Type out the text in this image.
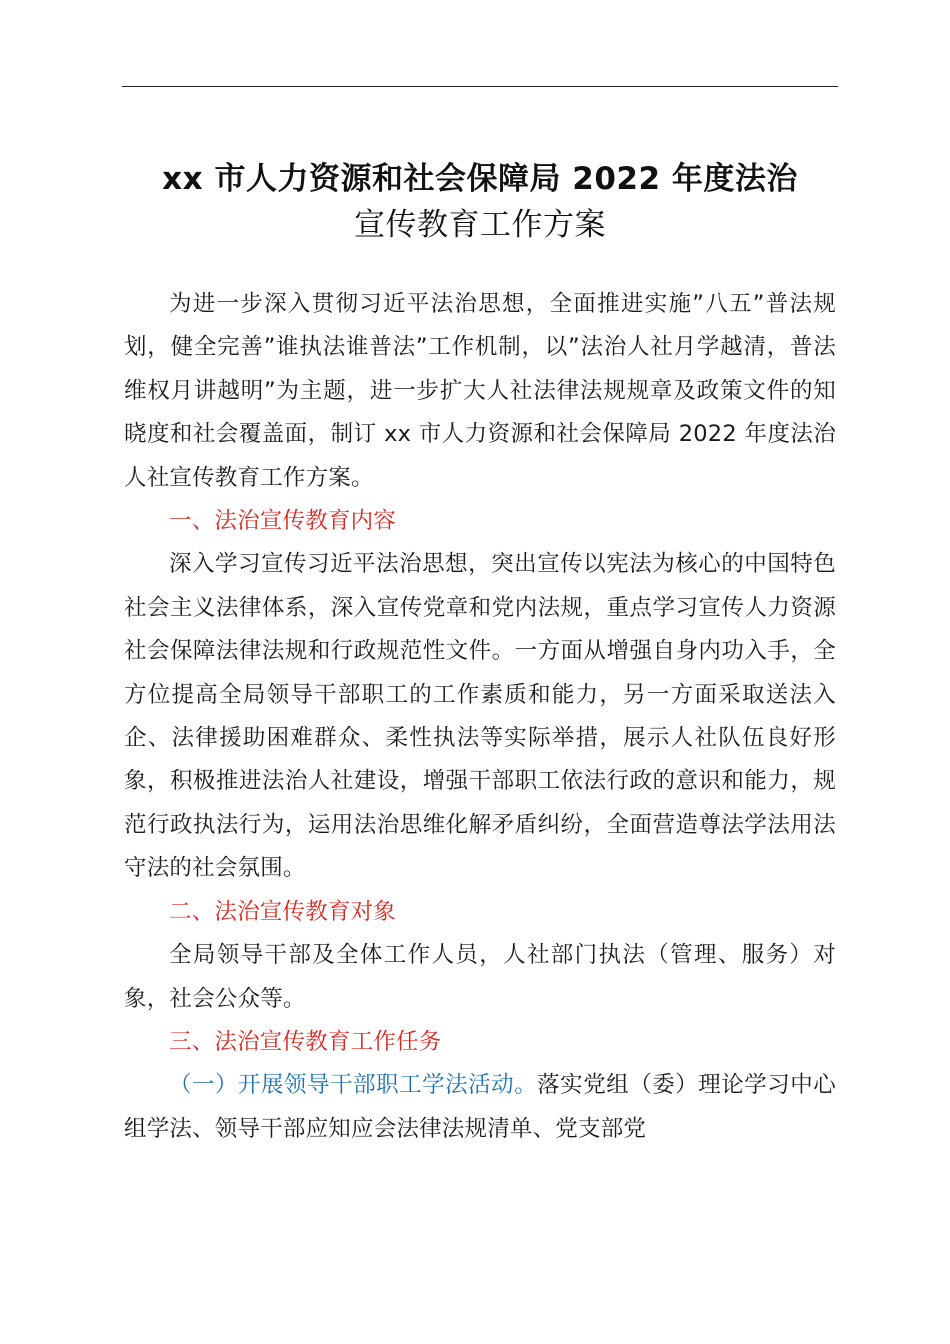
xx 市人力资源和社会保障局 2022 年度法治
宣传教育工作方案

为进一步深入贯彻习近平法治思想，全面推进实施”八五”普法规划，健全完善”谁执法谁普法”工作机制，以”法治人社月学越清，普法维权月讲越明”为主题，进一步扩大人社法律法规规章及政策文件的知晓度和社会覆盖面，制订 xx 市人力资源和社会保障局 2022 年度法治人社宣传教育工作方案。

一、法治宣传教育内容

深入学习宣传习近平法治思想，突出宣传以宪法为核心的中国特色社会主义法律体系，深入宣传党章和党内法规，重点学习宣传人力资源社会保障法律法规和行政规范性文件。一方面从增强自身内功入手，全方位提高全局领导干部职工的工作素质和能力，另一方面采取送法入企、法律援助困难群众、柔性执法等实际举措，展示人社队伍良好形象，积极推进法治人社建设，增强干部职工依法行政的意识和能力，规范行政执法行为，运用法治思维化解矛盾纠纷，全面营造尊法学法用法守法的社会氛围。

二、法治宣传教育对象

全局领导干部及全体工作人员，人社部门执法（管理、服务）对象，社会公众等。

三、法治宣传教育工作任务

（一）开展领导干部职工学法活动。落实党组（委）理论学习中心组学法、领导干部应知应会法律法规清单、党支部党
